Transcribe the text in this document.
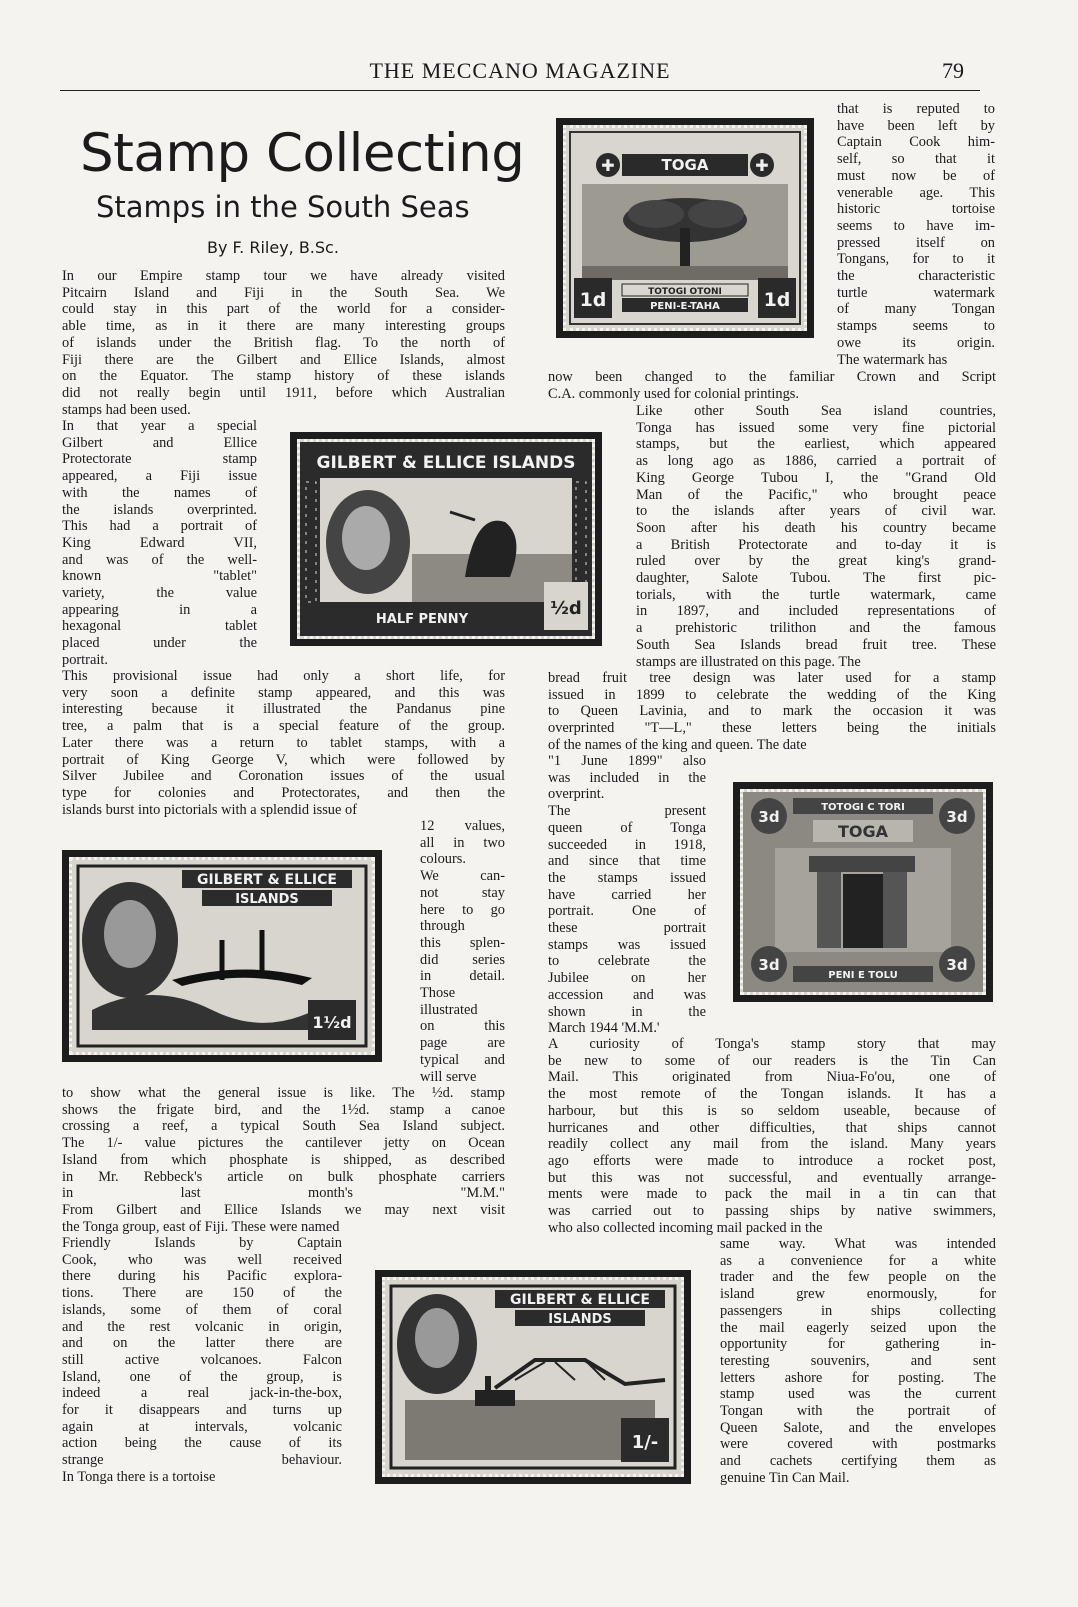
THE MECCANO MAGAZINE	79
Stamp Collecting
Stamps in the South Seas
By F. Riley, B.Sc.
In our Empire stamp tour we have already visited
Pitcairn Island and Fiji in the South Sea. We
could stay in this part of the world for a consider-
able time, as in it there are many interesting groups
of islands under the British flag. To the north of
Fiji there are the Gilbert and Ellice Islands, almost
on the Equator. The stamp history of these islands
did not really begin until 1911, before which Australian
stamps had been used.
In that year a special
Gilbert and Ellice
Protectorate stamp
appeared, a Fiji issue
with the names of
the islands overprinted.
This had a portrait of
King Edward VII,
and was of the well-
known "tablet"
variety, the value
appearing in a
hexagonal tablet
placed under the
portrait.
This provisional issue had only a short life, for
very soon a definite stamp appeared, and this was
interesting because it illustrated the Pandanus pine
tree, a palm that is a special feature of the group.
Later there was a return to tablet stamps, with a
portrait of King George V, which were followed by
Silver Jubilee and Coronation issues of the usual
type for colonies and Protectorates, and then the
islands burst into pictorials with a splendid issue of
12 values,
all in two
colours.
We can-
not stay
here to go
through
this splen-
did series
in detail.
Those
illustrated
on this
page are
typical and
will serve
to show what the general issue is like. The ½d. stamp
shows the frigate bird, and the 1½d. stamp a canoe
crossing a reef, a typical South Sea Island subject.
The 1/- value pictures the cantilever jetty on Ocean
Island from which phosphate is shipped, as described
in Mr. Rebbeck's article on bulk phosphate carriers
in last month's "M.M."
From Gilbert and Ellice Islands we may next visit
the Tonga group, east of Fiji. These were named
Friendly Islands by Captain
Cook, who was well received
there during his Pacific explora-
tions. There are 150 of the
islands, some of them of coral
and the rest volcanic in origin,
and on the latter there are
still active volcanoes. Falcon
Island, one of the group, is
indeed a real jack-in-the-box,
for it disappears and turns up
again at intervals, volcanic
action being the cause of its
strange behaviour.
In Tonga there is a tortoise
that is reputed to
have been left by
Captain Cook him-
self, so that it
must now be of
venerable age. This
historic tortoise
seems to have im-
pressed itself on
Tongans, for to it
the characteristic
turtle watermark
of many Tongan
stamps seems to
owe its origin.
The watermark has
now been changed to the familiar Crown and Script
C.A. commonly used for colonial printings.
Like other South Sea island countries,
Tonga has issued some very fine pictorial
stamps, but the earliest, which appeared
as long ago as 1886, carried a portrait of
King George Tubou I, the "Grand Old
Man of the Pacific," who brought peace
to the islands after years of civil war.
Soon after his death his country became
a British Protectorate and to-day it is
ruled over by the great king's grand-
daughter, Salote Tubou. The first pic-
torials, with the turtle watermark, came
in 1897, and included representations of
a prehistoric trilithon and the famous
South Sea Islands bread fruit tree. These
stamps are illustrated on this page. The
bread fruit tree design was later used for a stamp
issued in 1899 to celebrate the wedding of the King
to Queen Lavinia, and to mark the occasion it was
overprinted "T—L," these letters being the initials
of the names of the king and queen. The date
"1 June 1899" also
was included in the
overprint.
The present
queen of Tonga
succeeded in 1918,
and since that time
the stamps issued
have carried her
portrait. One of
these portrait
stamps was issued
to celebrate the
Jubilee on her
accession and was
shown in the
March 1944 'M.M.'
A curiosity of Tonga's stamp story that may
be new to some of our readers is the Tin Can
Mail. This originated from Niua-Fo'ou, one of
the most remote of the Tongan islands. It has a
harbour, but this is so seldom useable, because of
hurricanes and other difficulties, that ships cannot
readily collect any mail from the island. Many years
ago efforts were made to introduce a rocket post,
but this was not successful, and eventually arrange-
ments were made to pack the mail in a tin can that
was carried out to passing ships by native swimmers,
who also collected incoming mail packed in the
same way. What was intended
as a convenience for a white
trader and the few people on the
island grew enormously, for
passengers in ships collecting
the mail eagerly seized upon the
opportunity for gathering in-
teresting souvenirs, and sent
letters ashore for posting. The
stamp used was the current
Tongan with the portrait of
Queen Salote, and the envelopes
were covered with postmarks
and cachets certifying them as
genuine Tin Can Mail.
TOGA
✚	✚
1d	1d
TOTOGI OTONI
PENI-E-TAHA
GILBERT & ELLICE ISLANDS
HALF PENNY
½d
GILBERT & ELLICE
ISLANDS
1½d
TOTOGI C TORI
3d	3d
TOGA
3d	3d
PENI E TOLU
GILBERT & ELLICE
ISLANDS
1/-
